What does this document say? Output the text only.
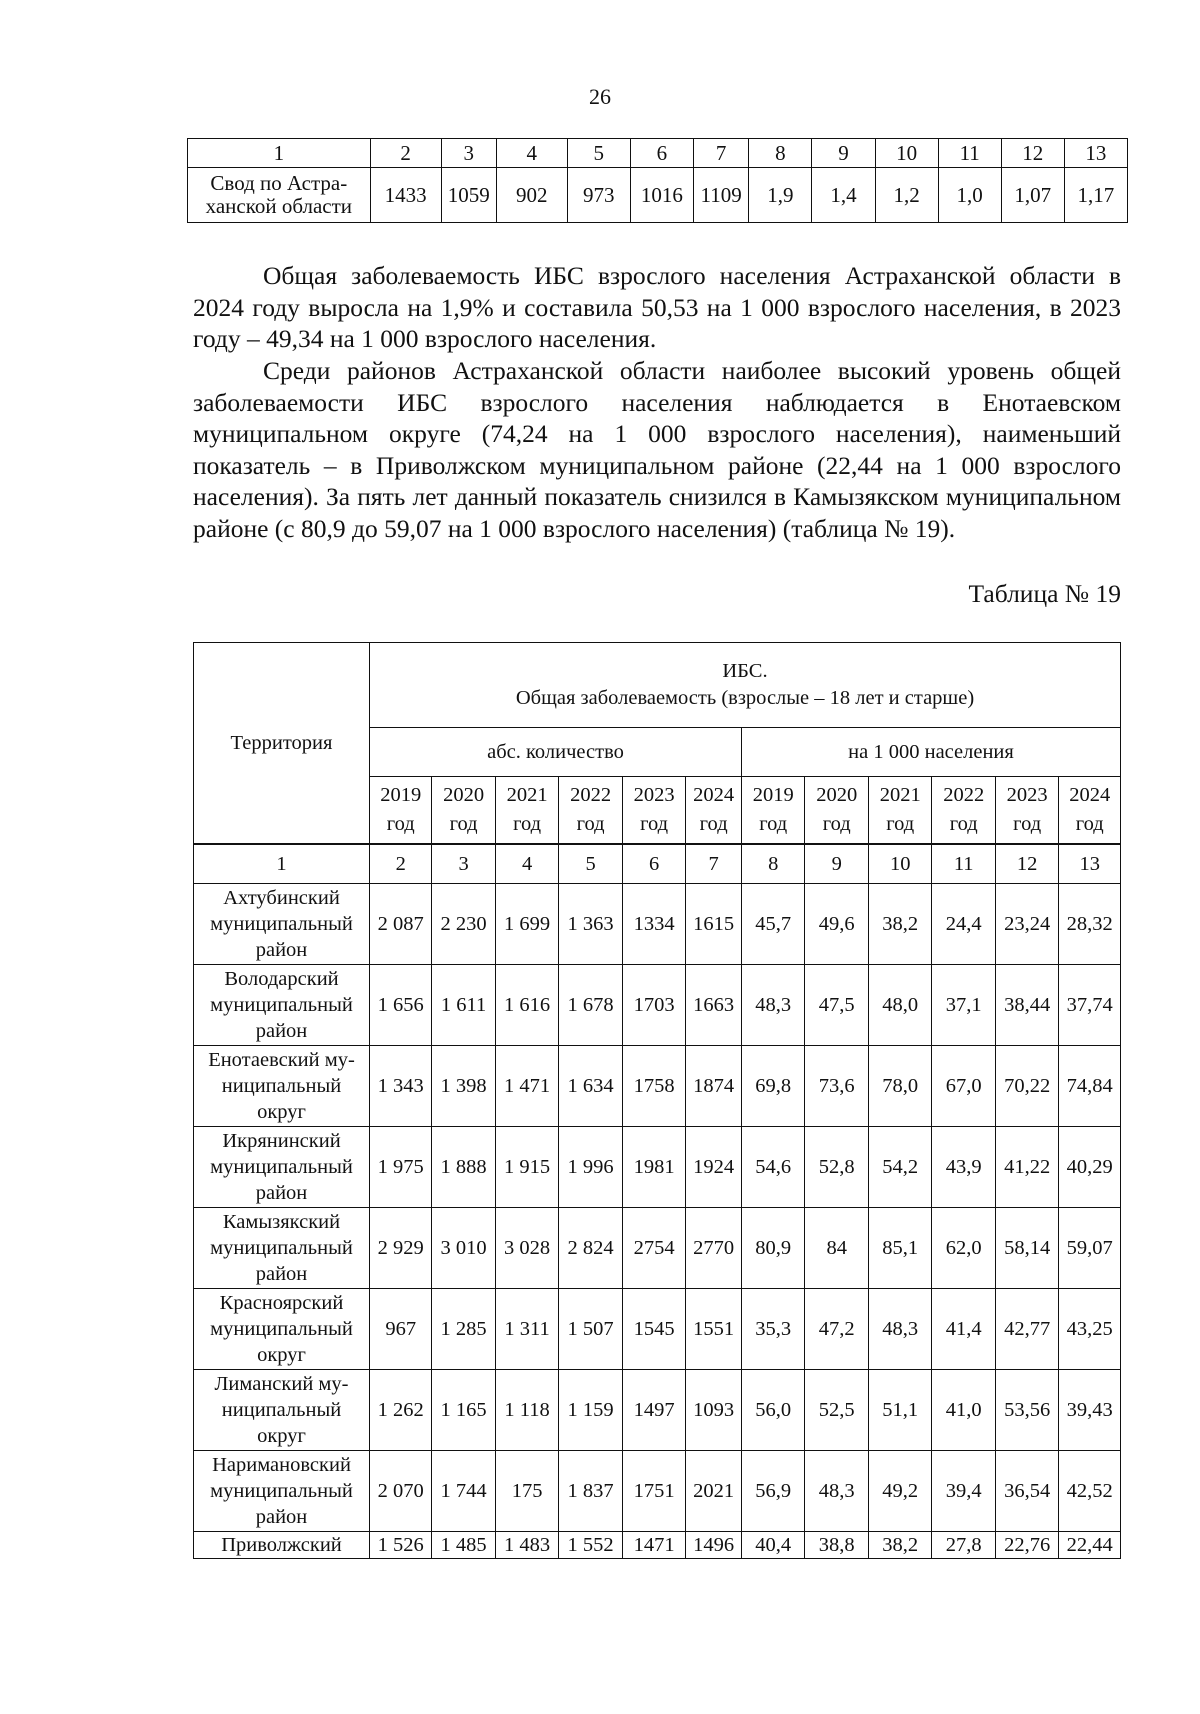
26
1	2	3	4	5	6	7	8	9	10	11	12	13
Свод по Астра-
ханской области	1433	1059	902	973	1016	1109	1,9	1,4	1,2	1,0	1,07	1,17

Общая заболеваемость ИБС взрослого населения Астраханской области в 2024 году выросла на 1,9% и составила 50,53 на 1 000 взрослого населения, в 2023 году – 49,34 на 1 000 взрослого населения.

Среди районов Астраханской области наиболее высокий уровень общей заболеваемости ИБС взрослого населения наблюдается в Енотаевском муниципальном округе (74,24 на 1 000 взрослого населения), наименьший показатель – в Приволжском муниципальном районе (22,44 на 1 000 взрослого населения). За пять лет данный показатель снизился в Камызякском муниципальном районе (с 80,9 до 59,07 на 1 000 взрослого населения) (таблица № 19).

Таблица № 19
Территория	ИБС.
Общая заболеваемость (взрослые – 18 лет и старше)											
	абс. количество						на 1 000 населения					
	2019
год	2020
год	2021
год	2022
год	2023
год	2024
год	2019
год	2020
год	2021
год	2022
год	2023
год	2024
год
1	2	3	4	5	6	7	8	9	10	11	12	13
Ахтубинский
муниципальный
район	2 087	2 230	1 699	1 363	1334	1615	45,7	49,6	38,2	24,4	23,24	28,32
Володарский
муниципальный
район	1 656	1 611	1 616	1 678	1703	1663	48,3	47,5	48,0	37,1	38,44	37,74
Енотаевский му-
ниципальный
округ	1 343	1 398	1 471	1 634	1758	1874	69,8	73,6	78,0	67,0	70,22	74,84
Икрянинский
муниципальный
район	1 975	1 888	1 915	1 996	1981	1924	54,6	52,8	54,2	43,9	41,22	40,29
Камызякский
муниципальный
район	2 929	3 010	3 028	2 824	2754	2770	80,9	84	85,1	62,0	58,14	59,07
Красноярский
муниципальный
округ	967	1 285	1 311	1 507	1545	1551	35,3	47,2	48,3	41,4	42,77	43,25
Лиманский му-
ниципальный
округ	1 262	1 165	1 118	1 159	1497	1093	56,0	52,5	51,1	41,0	53,56	39,43
Наримановский
муниципальный
район	2 070	1 744	175	1 837	1751	2021	56,9	48,3	49,2	39,4	36,54	42,52
Приволжский	1 526	1 485	1 483	1 552	1471	1496	40,4	38,8	38,2	27,8	22,76	22,44
